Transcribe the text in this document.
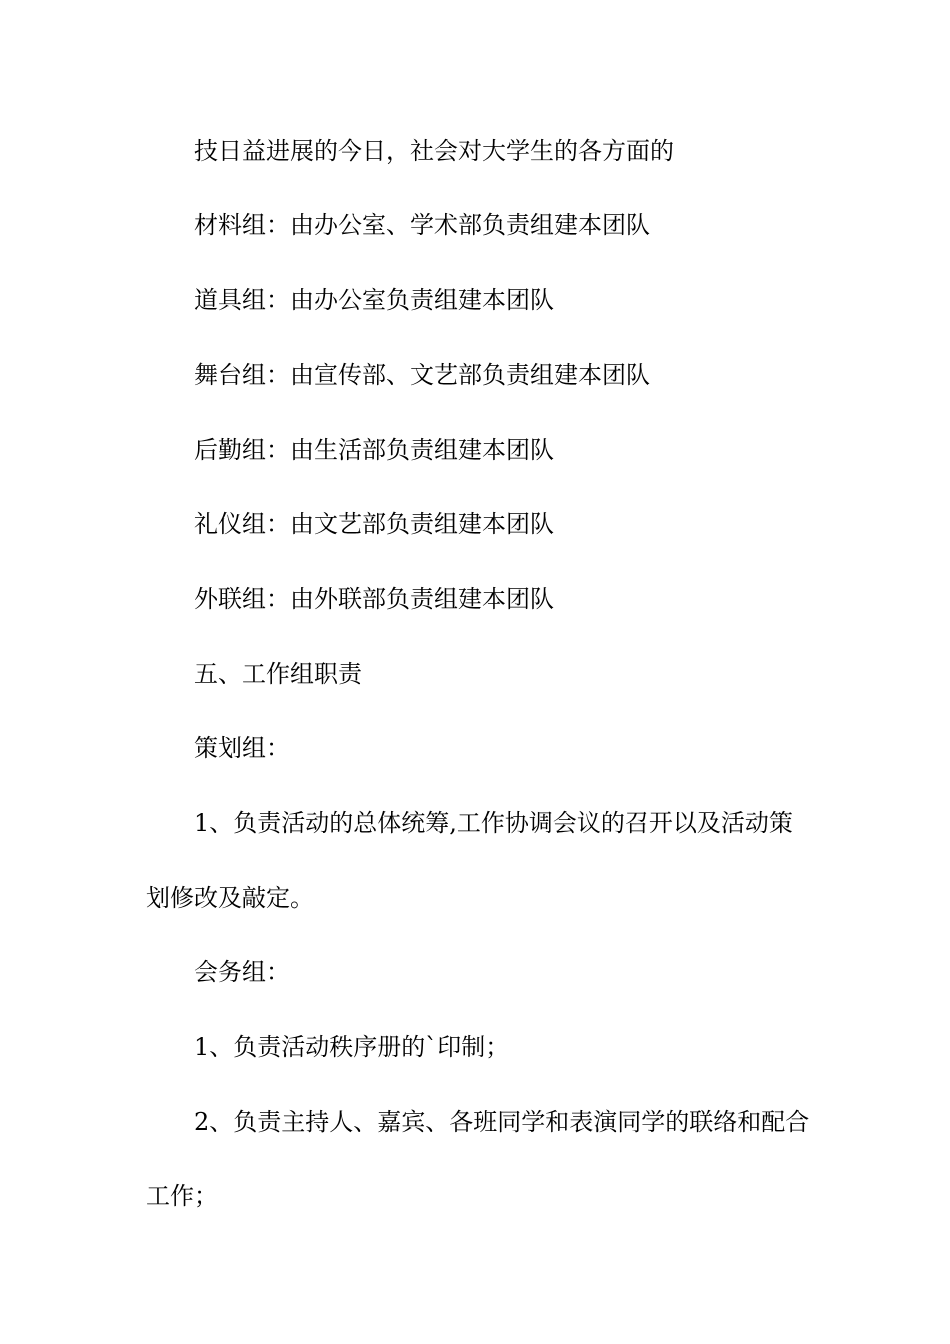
技日益进展的今日，社会对大学生的各方面的
材料组：由办公室、学术部负责组建本团队
道具组：由办公室负责组建本团队
舞台组：由宣传部、文艺部负责组建本团队
后勤组：由生活部负责组建本团队
礼仪组：由文艺部负责组建本团队
外联组：由外联部负责组建本团队
五、工作组职责
策划组：
1、负责活动的总体统筹,工作协调会议的召开以及活动策
划修改及敲定。
会务组：
1、负责活动秩序册的`印制；
2、负责主持人、嘉宾、各班同学和表演同学的联络和配合
工作；
